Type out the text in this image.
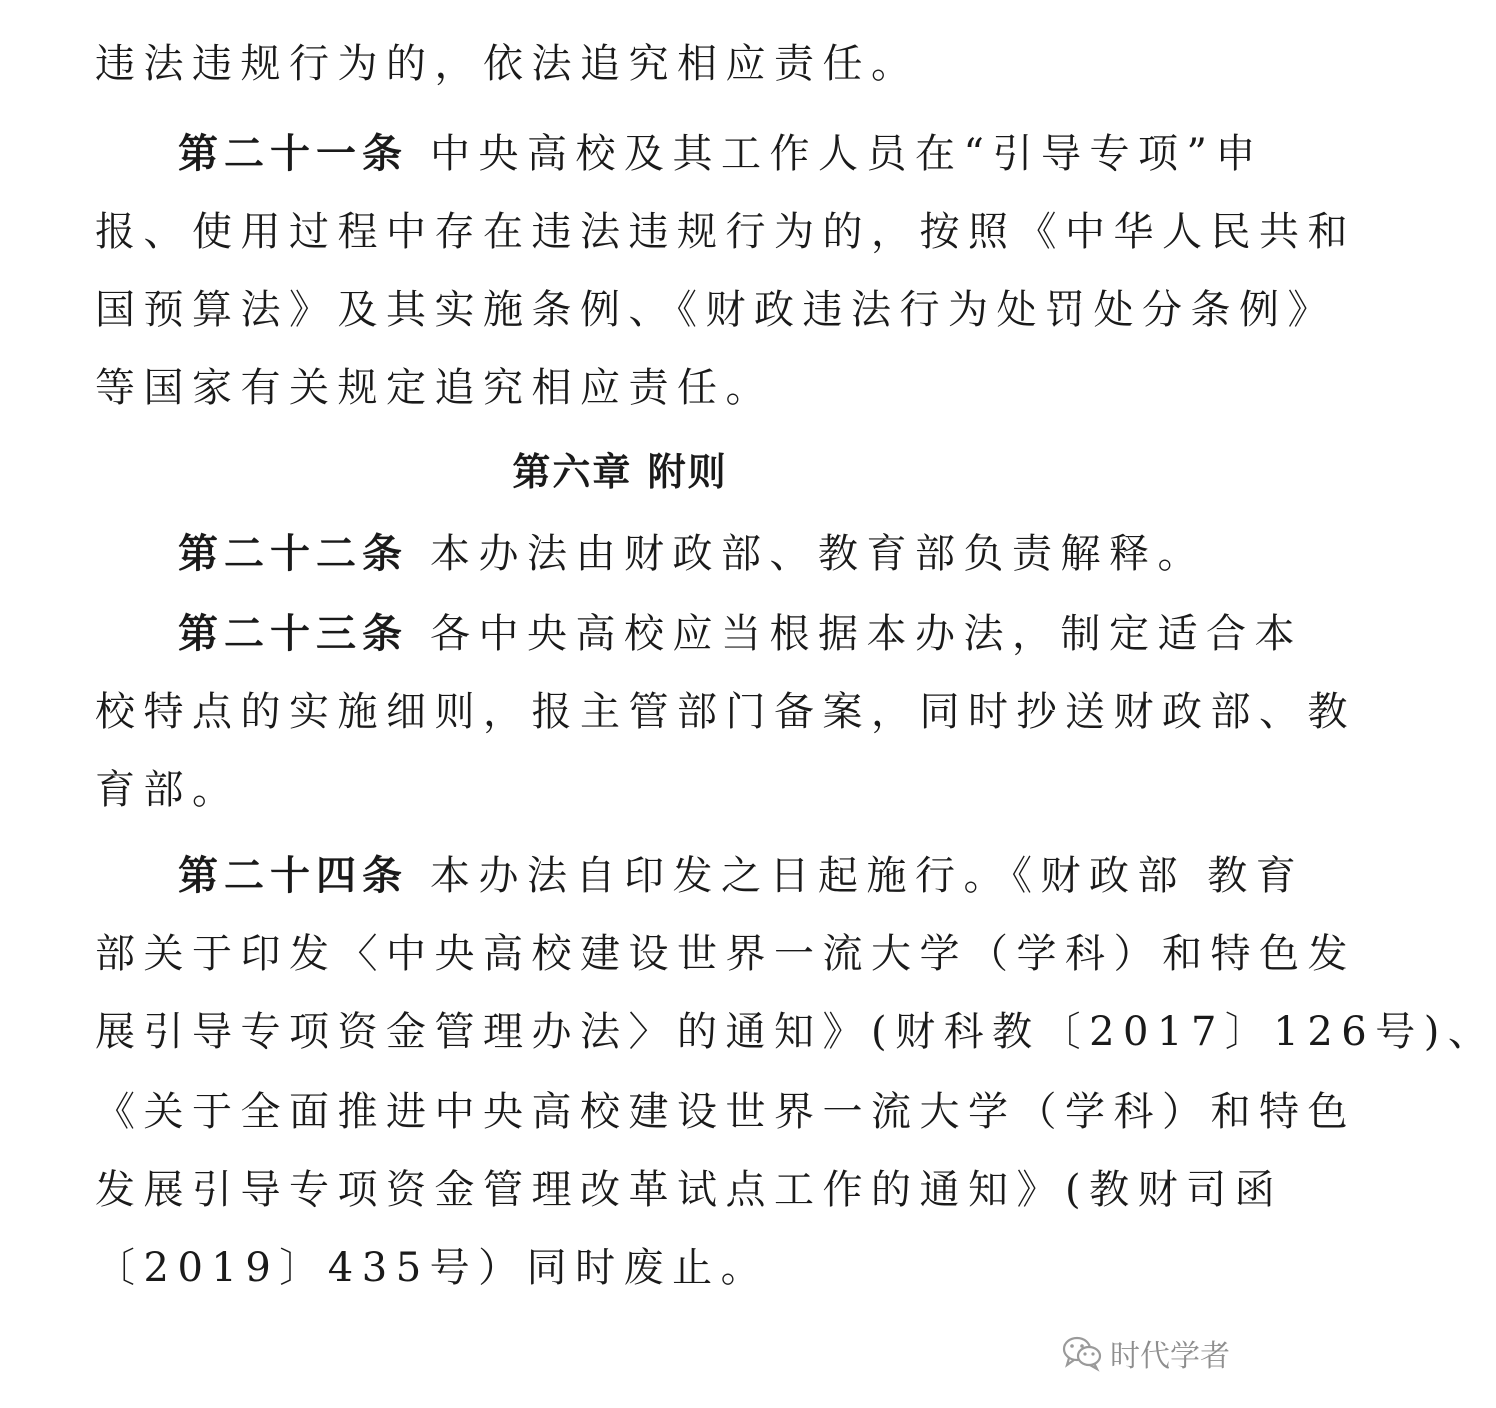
违法违规行为的，依法追究相应责任。
第二十一条 中央高校及其工作人员在“引导专项”申
报、使用过程中存在违法违规行为的，按照《中华人民共和
国预算法》及其实施条例、《财政违法行为处罚处分条例》
等国家有关规定追究相应责任。
第六章 附则
第二十二条 本办法由财政部、教育部负责解释。
第二十三条 各中央高校应当根据本办法，制定适合本
校特点的实施细则，报主管部门备案，同时抄送财政部、教
育部。
第二十四条 本办法自印发之日起施行。《财政部 教育
部关于印发〈中央高校建设世界一流大学（学科）和特色发
展引导专项资金管理办法〉的通知》(财科教〔2017〕126号)、
《关于全面推进中央高校建设世界一流大学（学科）和特色
发展引导专项资金管理改革试点工作的通知》(教财司函
〔2019〕435号）同时废止。
时代学者
